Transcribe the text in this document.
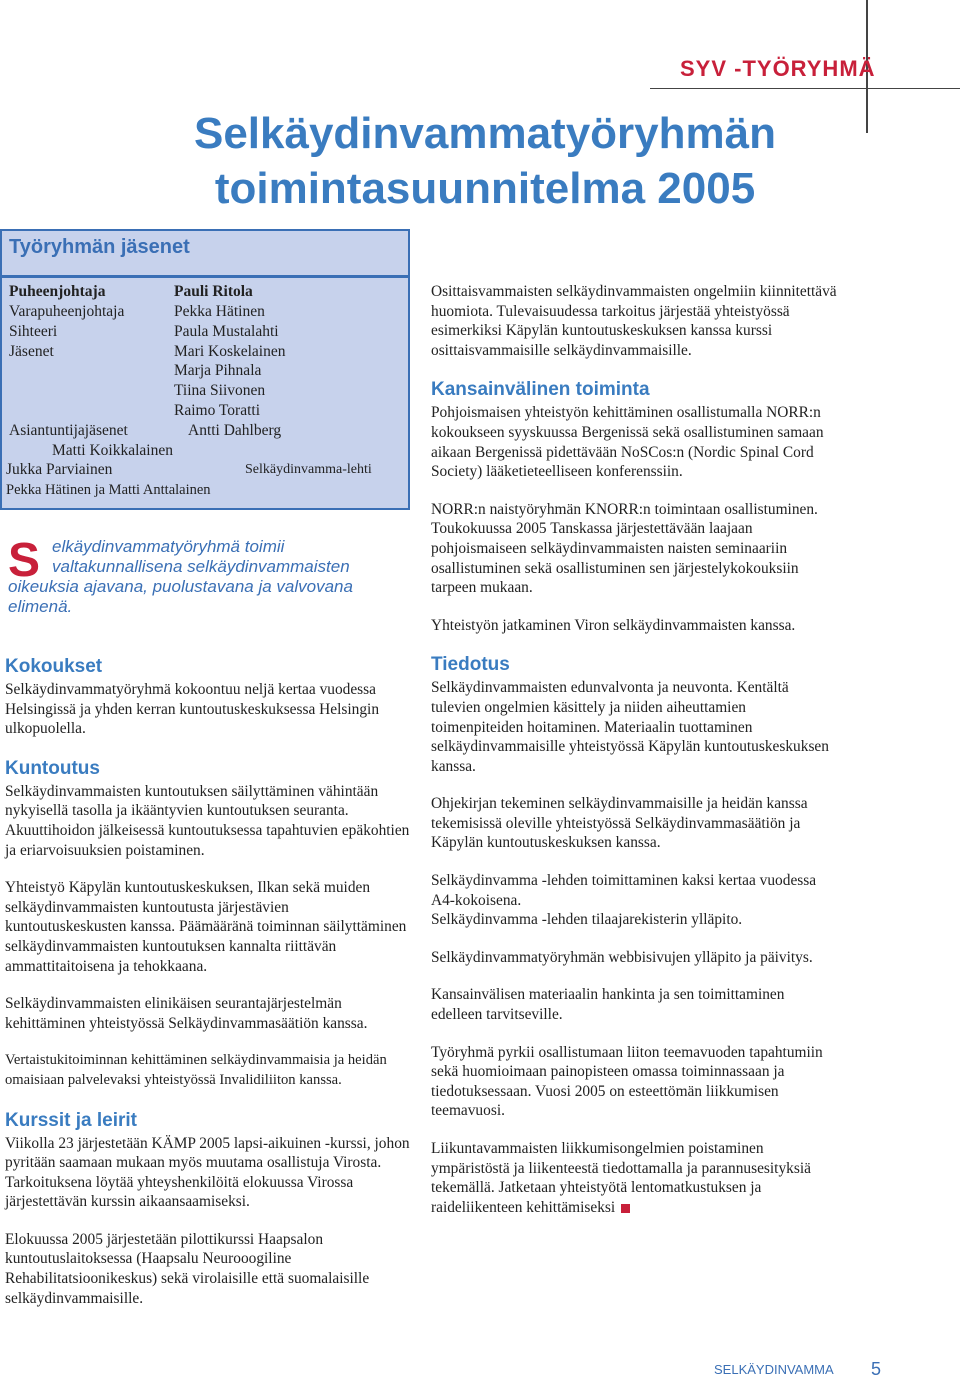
SYV -TYÖRYHMÄ
Selkäydinvammatyöryhmän
toimintasuunnitelma 2005
Työryhmän jäsenet
Puheenjohtaja	Pauli Ritola
Varapuheenjohtaja	Pekka Hätinen
Sihteeri	Paula Mustalahti
Jäsenet	Mari Koskelainen
Marja Pihnala
Tiina Siivonen
Raimo Toratti
Asiantuntijajäsenet	Antti Dahlberg
Matti Koikkalainen
Jukka Parviainen	Selkäydinvamma-lehti
Pekka Hätinen ja Matti Anttalainen
S elkäydinvammatyöryhmä toimii valtakunnallisena selkäydinvammaisten oikeuksia ajavana, puolustavana ja valvovana elimenä.
Kokoukset

Selkäydinvammatyöryhmä kokoontuu neljä kertaa vuodessa Helsingissä ja yhden kerran kuntoutuskeskuksessa Helsingin ulkopuolella.

Kuntoutus

Selkäydinvammaisten kuntoutuksen säilyttäminen vähintään nykyisellä tasolla ja ikääntyvien kuntoutuksen seuranta. Akuuttihoidon jälkeisessä kuntoutuksessa tapahtuvien epäkohtien ja eriarvoisuuksien poistaminen.

Yhteistyö Käpylän kuntoutuskeskuksen, Ilkan sekä muiden selkäydinvammaisten kuntoutusta järjestävien kuntoutuskeskusten kanssa. Päämääränä toiminnan säilyttäminen selkäydinvammaisten kuntoutuksen kannalta riittävän ammattitaitoisena ja tehokkaana.

Selkäydinvammaisten elinikäisen seurantajärjestelmän kehittäminen yhteistyössä Selkäydinvammasäätiön kanssa.

Vertaistukitoiminnan kehittäminen selkäydinvammaisia ja heidän omaisiaan palvelevaksi yhteistyössä Invalidiliiton kanssa.

Kurssit ja leirit

Viikolla 23 järjestetään KÄMP 2005 lapsi-aikuinen -kurssi, johon pyritään saamaan mukaan myös muutama osallistuja Virosta. Tarkoituksena löytää yhteyshenkilöitä elokuussa Virossa järjestettävän kurssin aikaansaamiseksi.

Elokuussa 2005 järjestetään pilottikurssi Haapsalon kuntoutuslaitoksessa (Haapsalu Neurooogiline Rehabilitatsioonikeskus) sekä virolaisille että suomalaisille selkäydinvammaisille.

Osittaisvammaisten selkäydinvammaisten ongelmiin kiinnitettävä huomiota. Tulevaisuudessa tarkoitus järjestää yhteistyössä esimerkiksi Käpylän kuntoutuskeskuksen kanssa kurssi osittaisvammaisille selkäydinvammaisille.

Kansainvälinen toiminta

Pohjoismaisen yhteistyön kehittäminen osallistumalla NORR:n kokoukseen syyskuussa Bergenissä sekä osallistuminen samaan aikaan Bergenissä pidettävään NoSCos:n (Nordic Spinal Cord Society) lääketieteelliseen konferenssiin.

NORR:n naistyöryhmän KNORR:n toimintaan osallistuminen. Toukokuussa 2005 Tanskassa järjestettävään laajaan pohjoismaiseen selkäydinvammaisten naisten seminaariin osallistuminen sekä osallistuminen sen järjestelykokouksiin tarpeen mukaan.

Yhteistyön jatkaminen Viron selkäydinvammaisten kanssa.

Tiedotus

Selkäydinvammaisten edunvalvonta ja neuvonta. Kentältä tulevien ongelmien käsittely ja niiden aiheuttamien toimenpiteiden hoitaminen. Materiaalin tuottaminen selkäydinvammaisille yhteistyössä Käpylän kuntoutuskeskuksen kanssa.

Ohjekirjan tekeminen selkäydinvammaisille ja heidän kanssa tekemisissä oleville yhteistyössä Selkäydinvammasäätiön ja Käpylän kuntoutuskeskuksen kanssa.

Selkäydinvamma -lehden toimittaminen kaksi kertaa vuodessa A4-kokoisena.

Selkäydinvamma -lehden tilaajarekisterin ylläpito.

Selkäydinvammatyöryhmän webbisivujen ylläpito ja päivitys.

Kansainvälisen materiaalin hankinta ja sen toimittaminen edelleen tarvitseville.

Työryhmä pyrkii osallistumaan liiton teemavuoden tapahtumiin sekä huomioimaan painopisteen omassa toiminnassaan ja tiedotuksessaan. Vuosi 2005 on esteettömän liikkumisen teemavuosi.

Liikuntavammaisten liikkumisongelmien poistaminen ympäristöstä ja liikenteestä tiedottamalla ja parannusesityksiä tekemällä. Jatketaan yhteistyötä lentomatkustuksen ja raideliikenteen kehittämiseksi

SELKÄYDINVAMMA 5
